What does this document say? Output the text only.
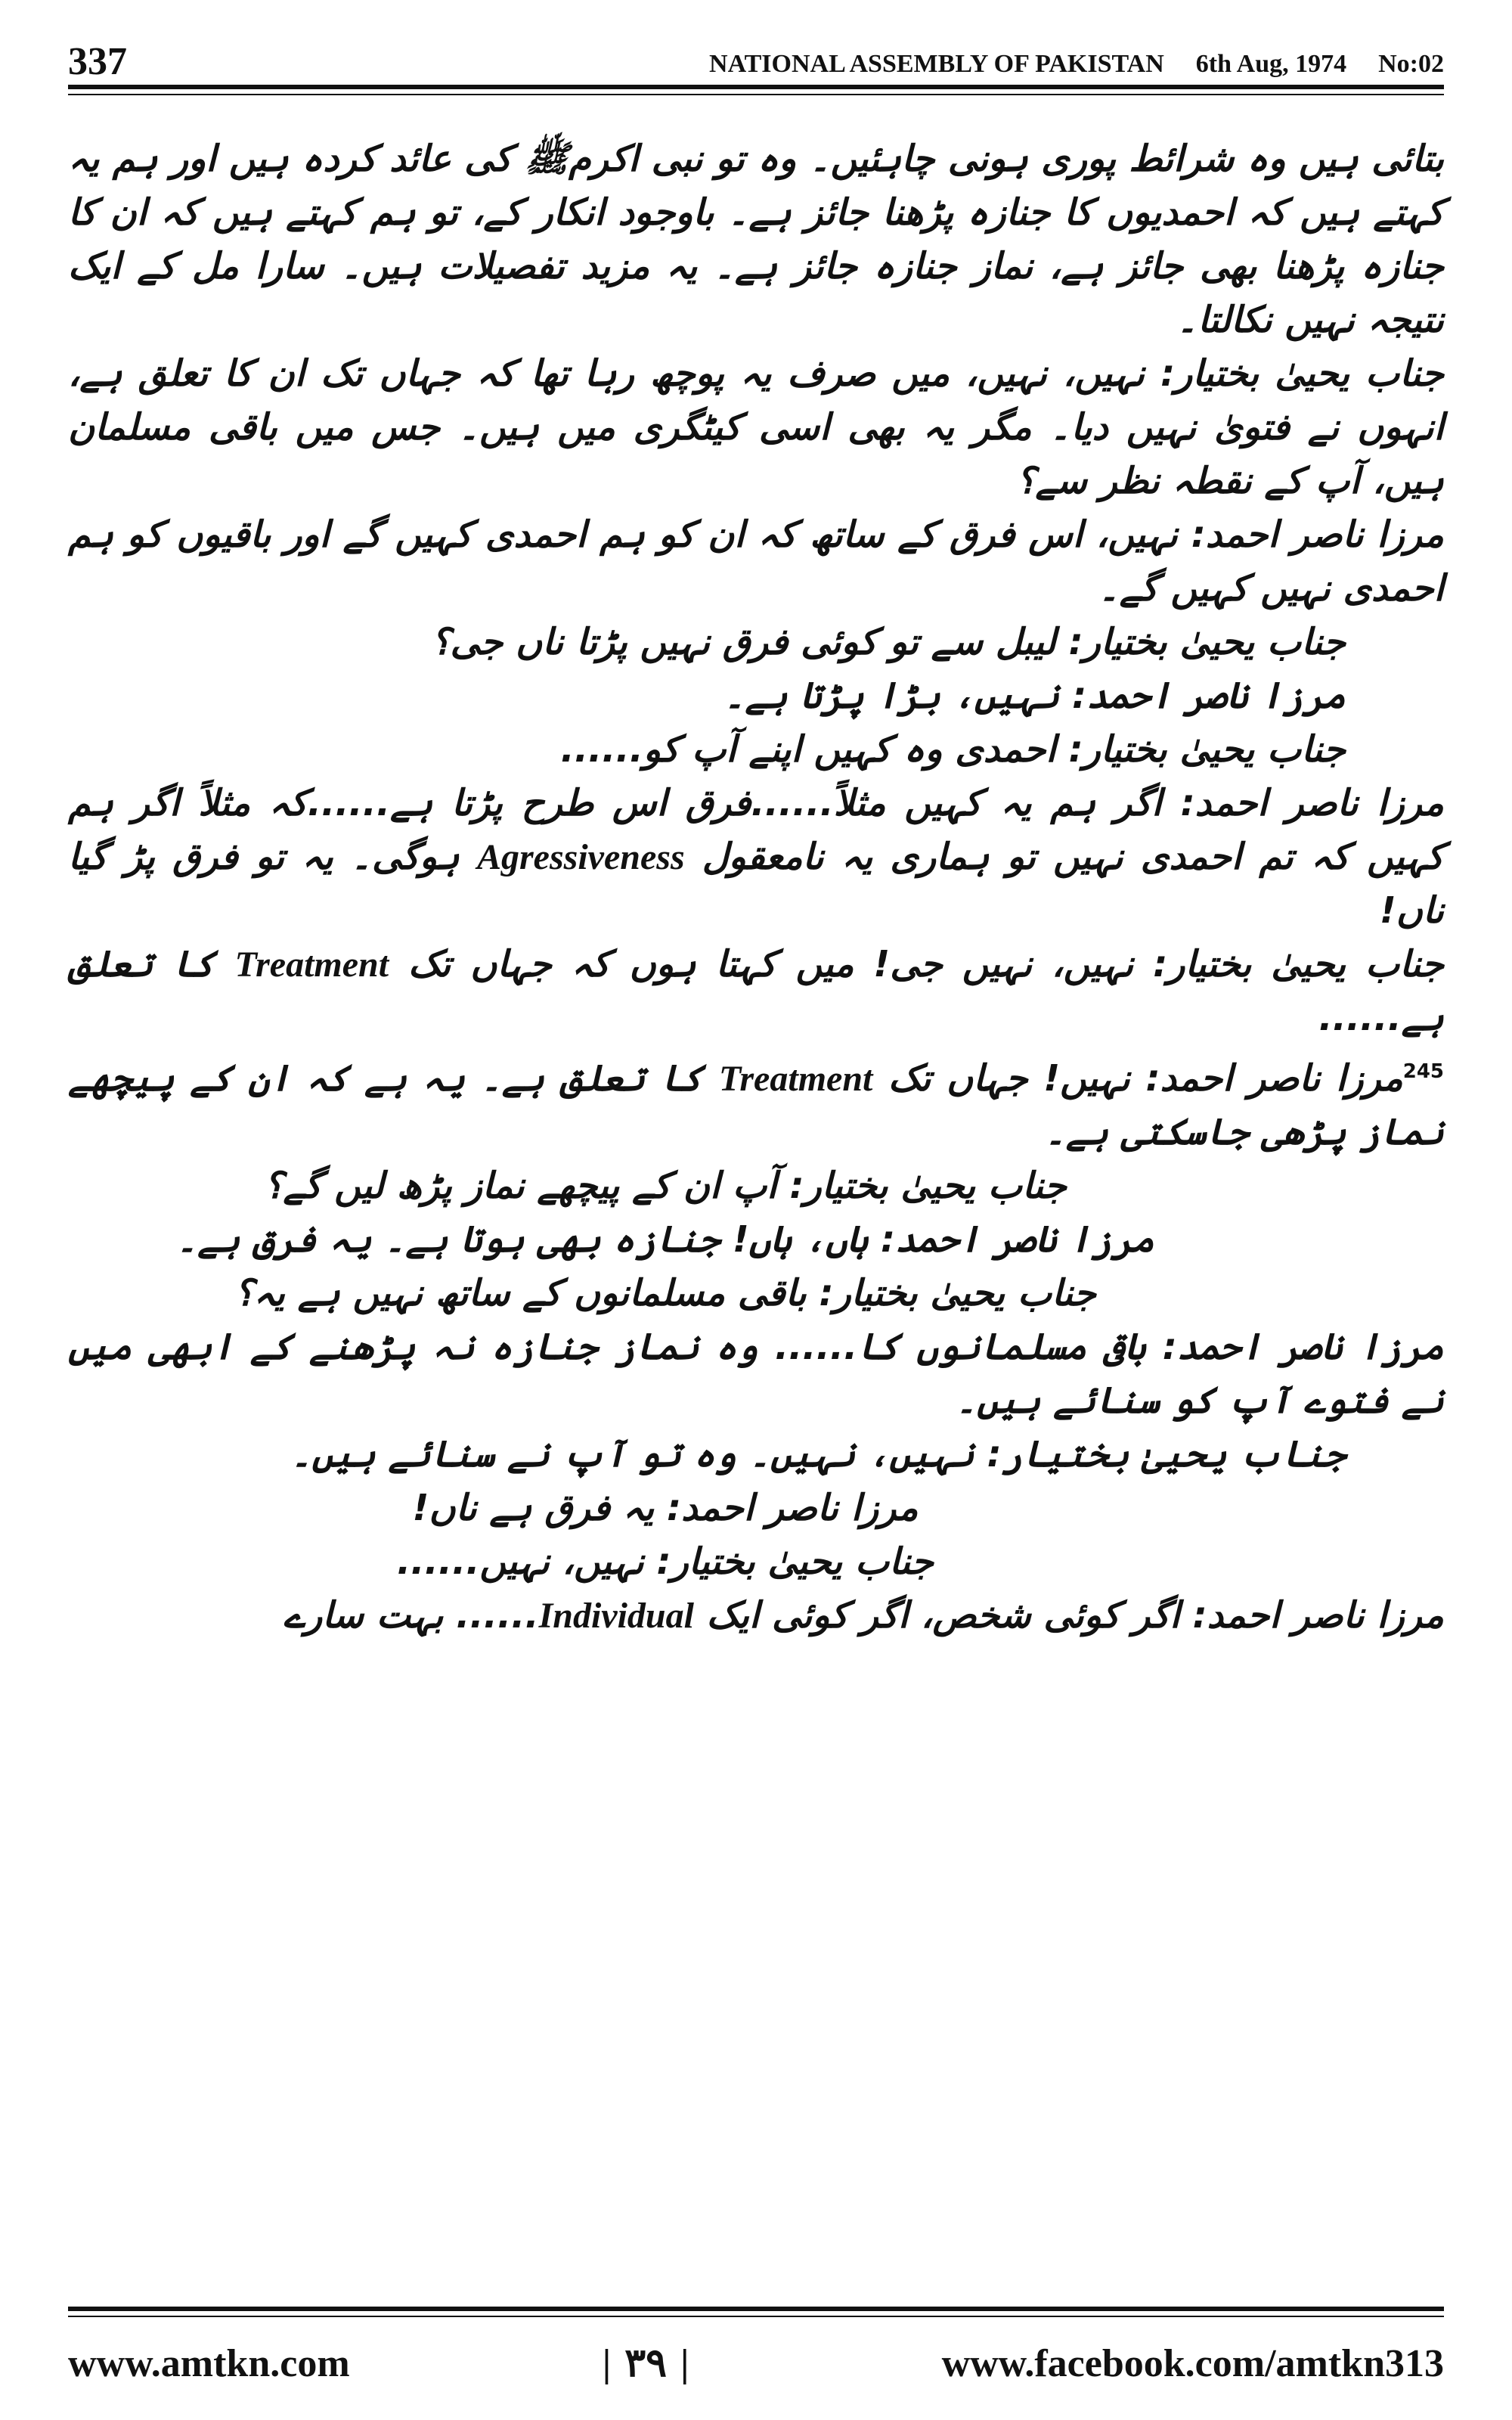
337	NATIONAL ASSEMBLY OF PAKISTAN 6th Aug, 1974 No:02

بتائی ہیں وہ شرائط پوری ہونی چاہئیں۔ وہ تو نبی اکرمﷺ کی عائد کردہ ہیں اور ہم یہ کہتے ہیں کہ احمدیوں کا جنازہ پڑھنا جائز ہے۔ باوجود انکار کے، تو ہم کہتے ہیں کہ ان کا جنازہ پڑھنا بھی جائز ہے، نماز جنازہ جائز ہے۔ یہ مزید تفصیلات ہیں۔ سارا مل کے ایک نتیجہ نہیں نکالتا۔

جناب یحییٰ بختیار: نہیں، نہیں، میں صرف یہ پوچھ رہا تھا کہ جہاں تک ان کا تعلق ہے، انہوں نے فتویٰ نہیں دیا۔ مگر یہ بھی اسی کیٹگری میں ہیں۔ جس میں باقی مسلمان ہیں، آپ کے نقطہ نظر سے؟

مرزا ناصر احمد: نہیں، اس فرق کے ساتھ کہ ان کو ہم احمدی کہیں گے اور باقیوں کو ہم احمدی نہیں کہیں گے۔

جناب یحییٰ بختیار: لیبل سے تو کوئی فرق نہیں پڑتا ناں جی؟

مرزا ناصر احمد: نہیں، بڑا پڑتا ہے۔

جناب یحییٰ بختیار: احمدی وہ کہیں اپنے آپ کو......

مرزا ناصر احمد: اگر ہم یہ کہیں مثلاً......فرق اس طرح پڑتا ہے......کہ مثلاً اگر ہم کہیں کہ تم احمدی نہیں تو ہماری یہ نامعقول Agressiveness ہوگی۔ یہ تو فرق پڑ گیا ناں!

جناب یحییٰ بختیار: نہیں، نہیں جی! میں کہتا ہوں کہ جہاں تک Treatment کا تعلق ہے......

$^{245}$مرزا ناصر احمد: نہیں! جہاں تک Treatment کا تعلق ہے۔ یہ ہے کہ ان کے پیچھے نماز پڑھی جاسکتی ہے۔

جناب یحییٰ بختیار: آپ ان کے پیچھے نماز پڑھ لیں گے؟

مرزا ناصر احمد: ہاں، ہاں! جنازہ بھی ہوتا ہے۔ یہ فرق ہے۔

جناب یحییٰ بختیار: باقی مسلمانوں کے ساتھ نہیں ہے یہ؟

مرزا ناصر احمد: باقی مسلمانوں کا...... وہ نماز جنازہ نہ پڑھنے کے ابھی میں نے فتوے آپ کو سنائے ہیں۔

جناب یحییٰ بختیار: نہیں، نہیں۔ وہ تو آپ نے سنائے ہیں۔

مرزا ناصر احمد: یہ فرق ہے ناں!

جناب یحییٰ بختیار: نہیں، نہیں......

مرزا ناصر احمد: اگر کوئی شخص، اگر کوئی ایک Individual...... بہت سارے

www.amtkn.com	| ۳۹ |	www.facebook.com/amtkn313
